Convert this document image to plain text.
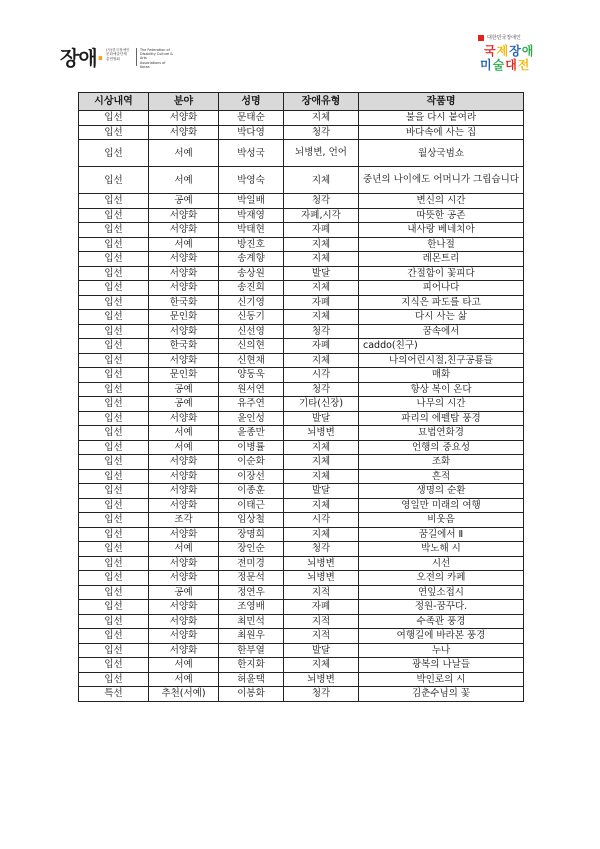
장애· (사)한국장애인
문화예술단체
총연합회
The Federation of
Disability Culture & Arts
Associations of
Korea
대한민국장애인
국제장애
미술대전
시상내역	분야	성명	장애유형	작품명
입선	서양화	문태순	지체	불을 다시 붙여라
입선	서양화	박다영	청각	바다속에 사는 집
입선	서예	박성국	뇌병변, 언어	월상국범쇼
입선	서예	박영숙	지체	중년의 나이에도 어머니가 그립습니다
입선	공예	박일배	청각	변신의 시간
입선	서양화	박재영	자폐,시각	따뜻한 공존
입선	서양화	박태현	자폐	내사랑 베네치아
입선	서예	방진호	지체	한나절
입선	서양화	송계향	지체	레몬트리
입선	서양화	송상원	발달	간절함이 꽃피다
입선	서양화	송진희	지체	피어나다
입선	한국화	신기영	자폐	지식은 파도를 타고
입선	문인화	신동기	지체	다시 사는 삶
입선	서양화	신선영	청각	꿈속에서
입선	한국화	신의현	자폐	caddo(친구)
입선	서양화	신현채	지체	나의어린시절,친구공룡들
입선	문인화	양동욱	시각	매화
입선	공예	원서연	청각	항상 복이 온다
입선	공예	유주연	기타(신장)	나무의 시간
입선	서양화	윤인성	발달	파리의 에펠탑 풍경
입선	서예	윤종만	뇌병변	묘법연화경
입선	서예	이병률	지체	언행의 중요성
입선	서양화	이순화	지체	조화
입선	서양화	이장선	지체	흔적
입선	서양화	이종훈	발달	생명의 순환
입선	서양화	이태근	지체	영일만 미래의 여행
입선	조각	임상철	시각	비웃음
입선	서양화	장명희	지체	꿈길에서 Ⅱ
입선	서예	장인순	청각	박노해 시
입선	서양화	전미경	뇌병변	시선
입선	서양화	정문석	뇌병변	오전의 카페
입선	공예	정연우	지적	연잎소접시
입선	서양화	조영배	자폐	정원-꿈꾸다.
입선	서양화	최민석	지적	수족관 풍경
입선	서양화	최원우	지적	여행길에 바라본 풍경
입선	서양화	한부열	발달	누나
입선	서예	한지화	지체	광복의 나날들
입선	서예	허윤택	뇌병변	박인로의 시
특선	추천(서예)	이봉화	청각	김춘수님의 꽃
